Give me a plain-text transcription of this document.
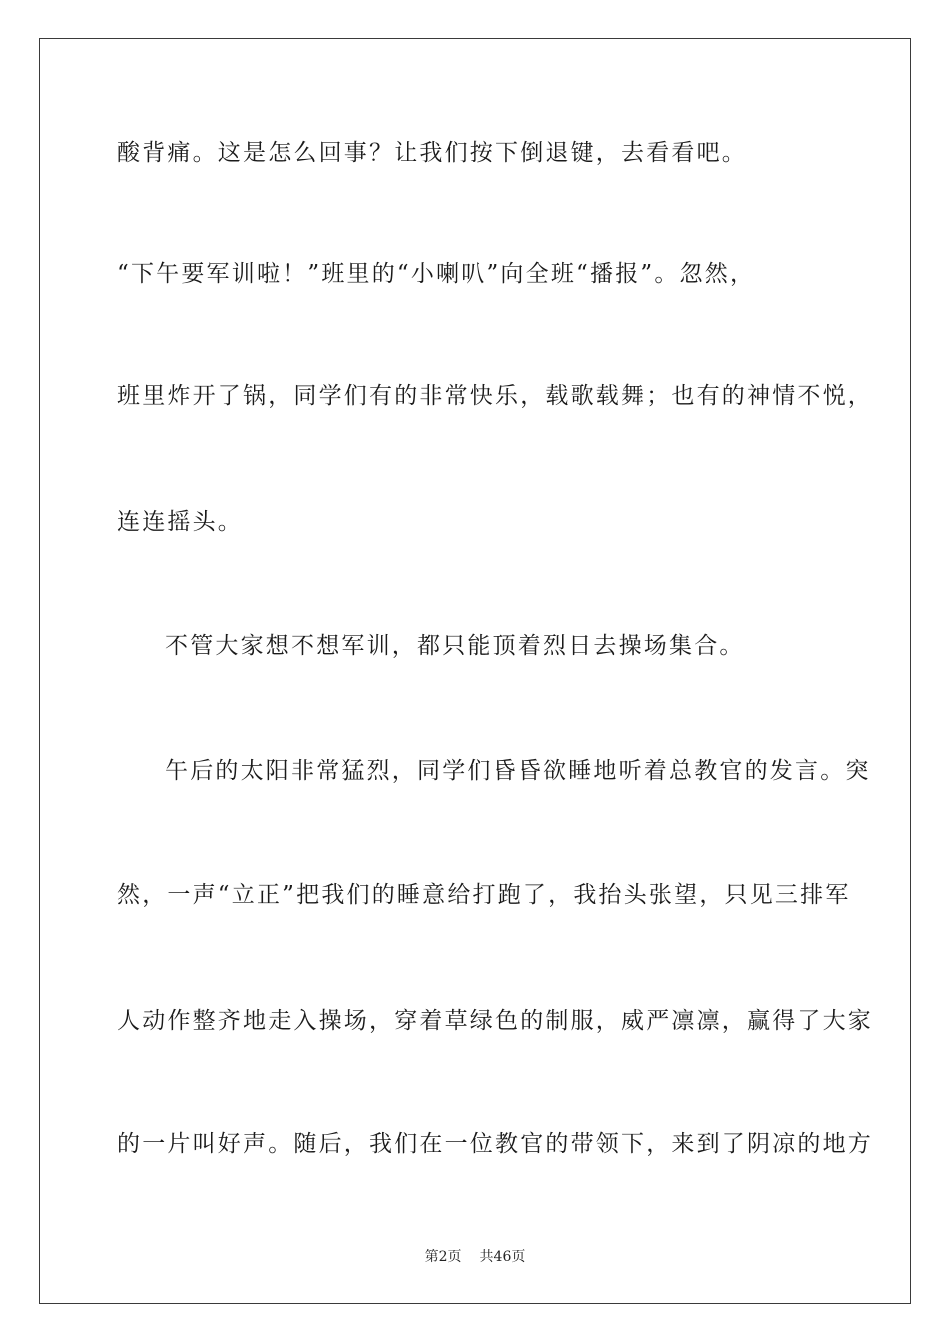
酸背痛。这是怎么回事？让我们按下倒退键，去看看吧。
“下午要军训啦！”班里的“小喇叭”向全班“播报”。忽然，
班里炸开了锅，同学们有的非常快乐，载歌载舞；也有的神情不悦，
连连摇头。
不管大家想不想军训，都只能顶着烈日去操场集合。
午后的太阳非常猛烈，同学们昏昏欲睡地听着总教官的发言。突
然，一声“立正”把我们的睡意给打跑了，我抬头张望，只见三排军
人动作整齐地走入操场，穿着草绿色的制服，威严凛凛，赢得了大家
的一片叫好声。随后，我们在一位教官的带领下，来到了阴凉的地方
第2页 共46页
